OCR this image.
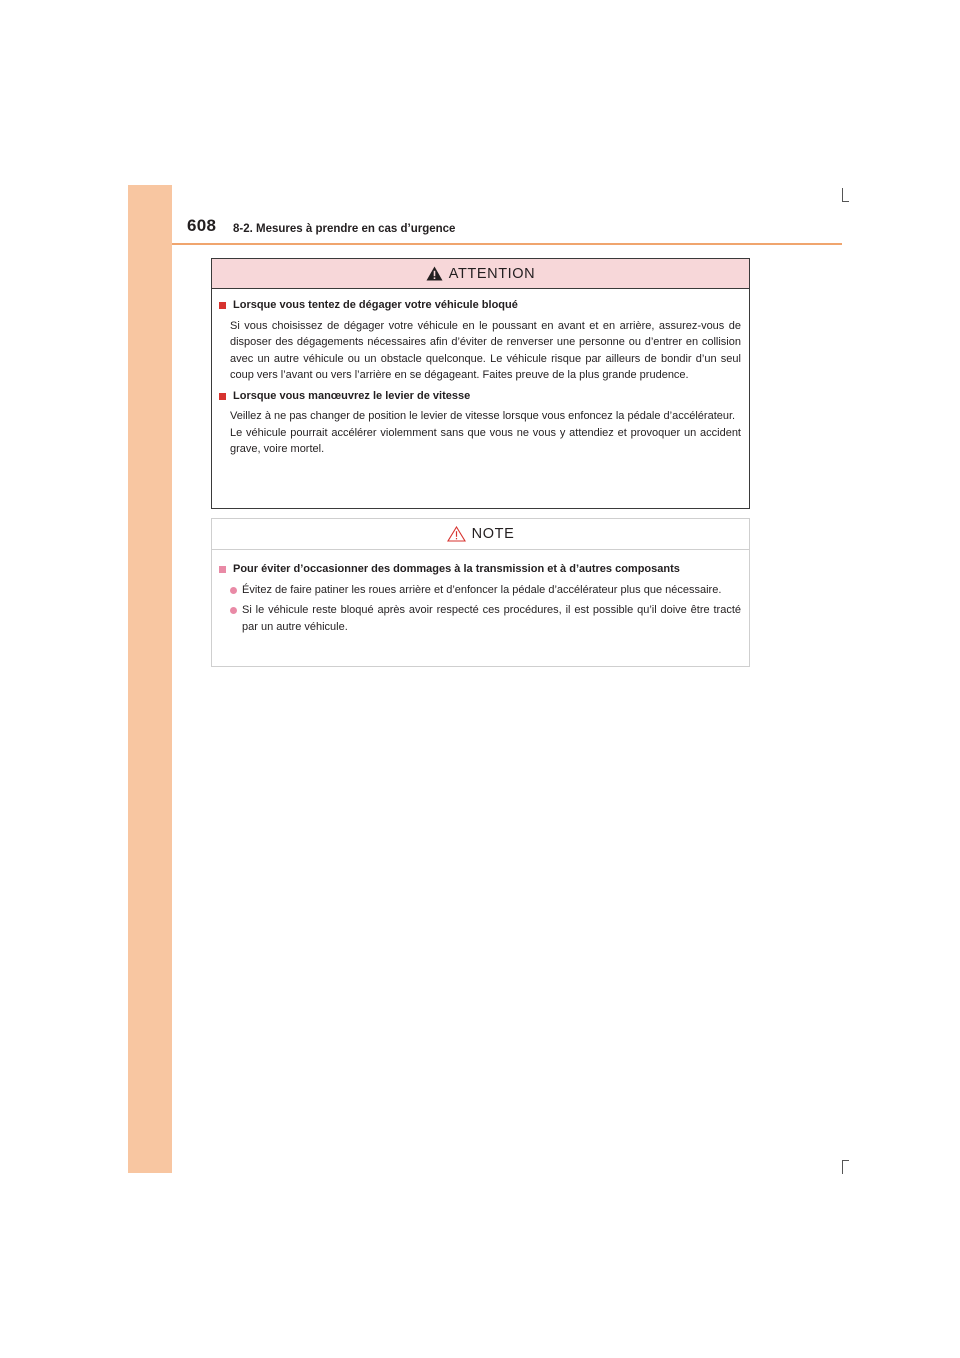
608 8-2. Mesures à prendre en cas d’urgence
ATTENTION
Lorsque vous tentez de dégager votre véhicule bloqué
Si vous choisissez de dégager votre véhicule en le poussant en avant et en arrière, assurez-vous de disposer des dégagements nécessaires afin d’éviter de renverser une personne ou d’entrer en collision avec un autre véhicule ou un obstacle quelconque. Le véhicule risque par ailleurs de bondir d’un seul coup vers l’avant ou vers l’arrière en se dégageant. Faites preuve de la plus grande prudence.
Lorsque vous manœuvrez le levier de vitesse
Veillez à ne pas changer de position le levier de vitesse lorsque vous enfoncez la pédale d’accélérateur.
Le véhicule pourrait accélérer violemment sans que vous ne vous y attendiez et provoquer un accident grave, voire mortel.
NOTE
Pour éviter d’occasionner des dommages à la transmission et à d’autres composants
Évitez de faire patiner les roues arrière et d’enfoncer la pédale d’accélérateur plus que nécessaire.
Si le véhicule reste bloqué après avoir respecté ces procédures, il est possible qu’il doive être tracté par un autre véhicule.
